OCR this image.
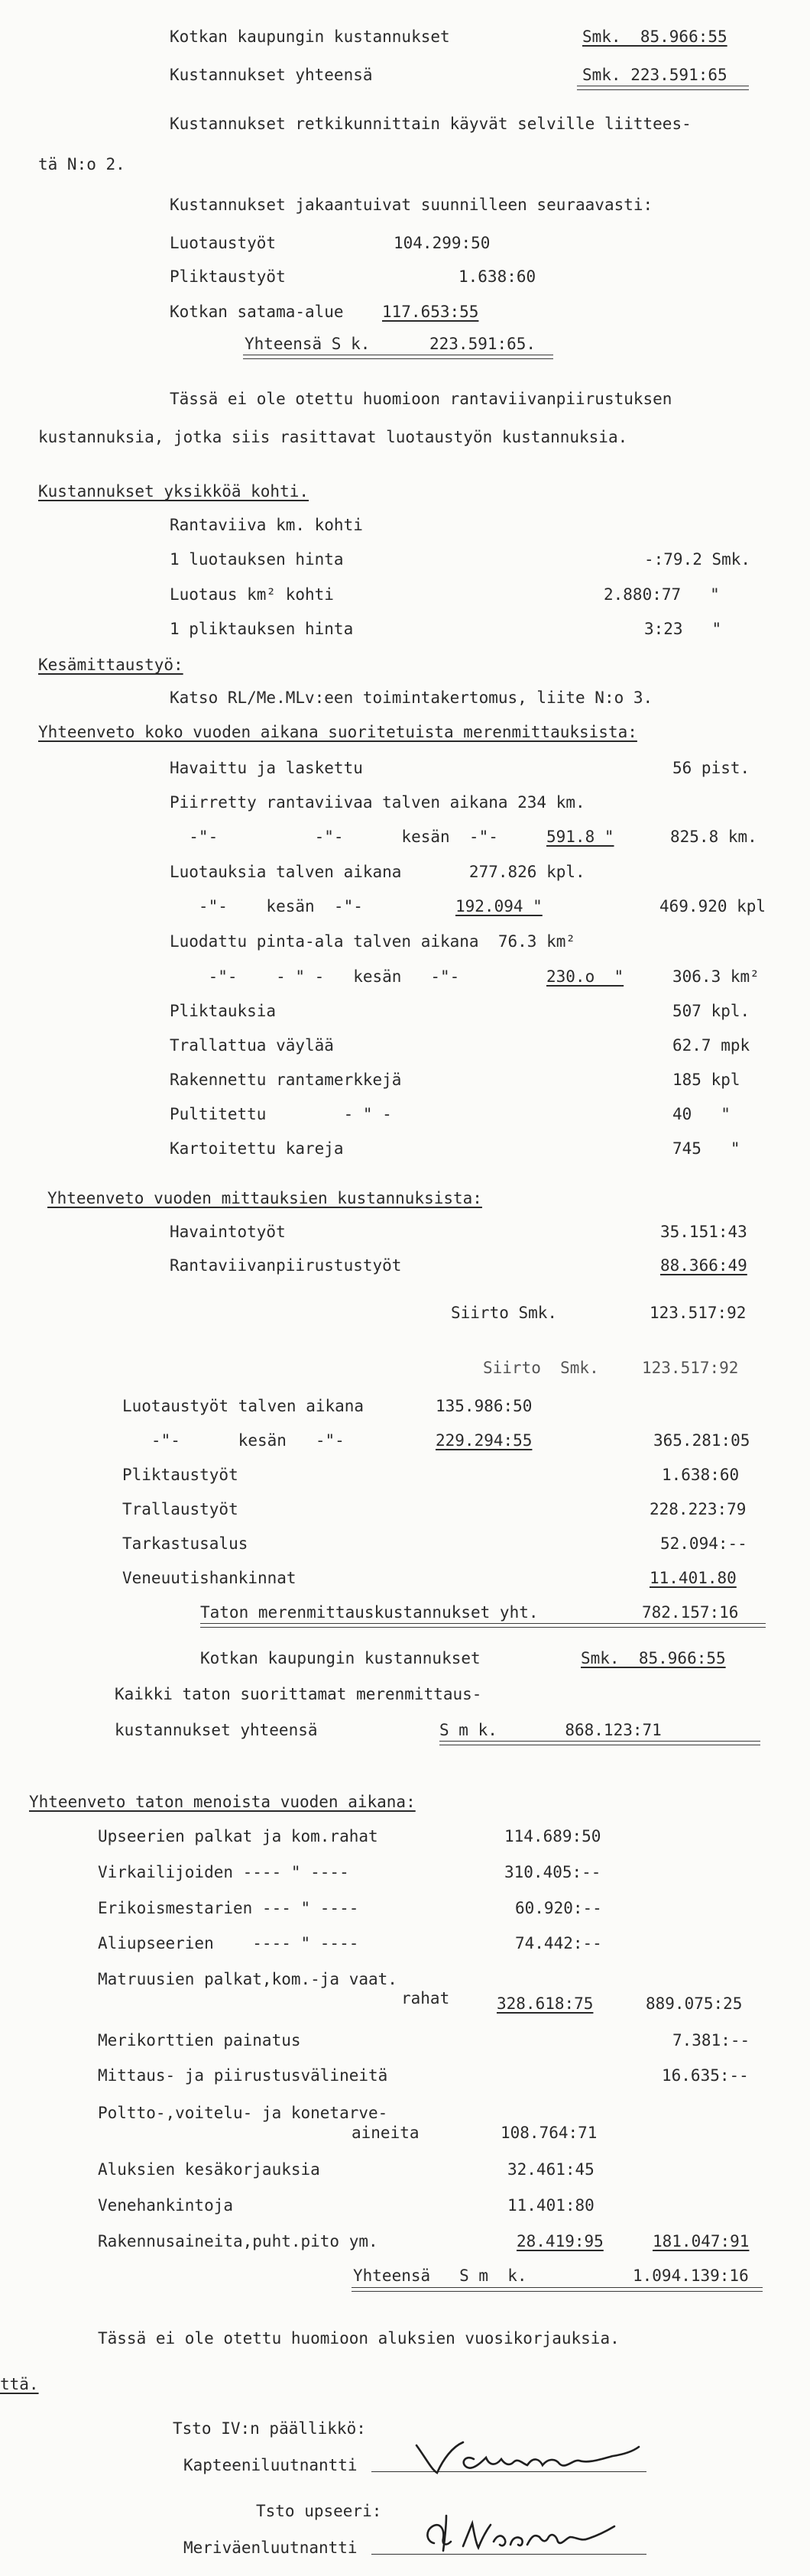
Kotkan kaupungin kustannukset	Smk.  85.966:55
Kustannukset yhteensä	Smk. 223.591:65
Kustannukset retkikunnittain käyvät selville liittees-
tä N:o 2.
Kustannukset jakaantuivat suunnilleen seuraavasti:
Luotaustyöt	104.299:50
Pliktaustyöt	1.638:60
Kotkan satama-alue 117.653:55
Yhteensä S k.	223.591:65.
Tässä ei ole otettu huomioon rantaviivanpiirustuksen
kustannuksia, jotka siis rasittavat luotaustyön kustannuksia.
Kustannukset yksikköä kohti.
Rantaviiva km. kohti
1 luotauksen hinta	-:79.2 Smk.
Luotaus km² kohti	2.880:77   "
1 pliktauksen hinta	3:23   "
Kesämittaustyö:
Katso RL/Me.MLv:een toimintakertomus, liite N:o 3.
Yhteenveto koko vuoden aikana suoritetuista merenmittauksista:
Havaittu ja laskettu	56 pist.
Piirretty rantaviivaa talven aikana 234 km.
-"-          -"-      kesän  -"- 591.8 "	825.8 km.
Luotauksia talven aikana       277.826 kpl.
-"-    kesän  -"- 192.094 "	469.920 kpl
Luodattu pinta-ala talven aikana  76.3 km²
-"-    - " -   kesän   -"-	230.o  "	306.3 km²
Pliktauksia	507 kpl.
Trallattua väylää	62.7 mpk
Rakennettu rantamerkkejä	185 kpl
Pultitettu        - " -	40   "
Kartoitettu kareja	745   "
Yhteenveto vuoden mittauksien kustannuksista:
Havaintotyöt	35.151:43
Rantaviivanpiirustustyöt	88.366:49
Siirto Smk.	123.517:92
Siirto  Smk.	123.517:92
Luotaustyöt talven aikana	135.986:50
-"-      kesän   -"-	229.294:55	365.281:05
Pliktaustyöt	1.638:60
Trallaustyöt	228.223:79
Tarkastusalus	52.094:--
Veneuutishankinnat	11.401.80
Taton merenmittauskustannukset yht.	782.157:16
Kotkan kaupungin kustannukset	Smk.  85.966:55
Kaikki taton suorittamat merenmittaus-
kustannukset yhteensä	S m k.       868.123:71
Yhteenveto taton menoista vuoden aikana:
Upseerien palkat ja kom.rahat	114.689:50
Virkailijoiden ---- " ----	310.405:--
Erikoismestarien --- " ----	60.920:--
Aliupseerien    ---- " ----	74.442:--
Matruusien palkat,kom.-ja vaat.
rahat	328.618:75	889.075:25
Merikorttien painatus	7.381:--
Mittaus- ja piirustusvälineitä	16.635:--
Poltto-,voitelu- ja konetarve-
aineita	108.764:71
Aluksien kesäkorjauksia	32.461:45
Venehankintoja	11.401:80
Rakennusaineita,puht.pito ym.	28.419:95	181.047:91
Yhteensä   S m  k.	1.094.139:16
Tässä ei ole otettu huomioon aluksien vuosikorjauksia.
ttä.
Tsto IV:n päällikkö:
Kapteeniluutnantti
Tsto upseeri:
Meriväenluutnantti
